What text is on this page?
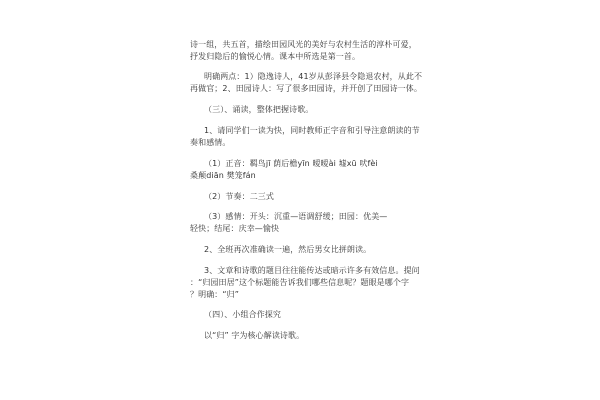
诗一组，共五首，描绘田园风光的美好与农村生活的淳朴可爱，
抒发归隐后的愉悦心情。课本中所选是第一首。
明确两点：1）隐逸诗人，41岁从彭泽县令隐退农村，从此不
再做官；2、田园诗人：写了很多田园诗，并开创了田园诗一体。
（三）、诵读，整体把握诗歌。
1、请同学们一读为快，同时教师正字音和引导注意朗读的节
奏和感情。
（1）正音：羁鸟jī 荫后檐yīn 暧暧ài 墟xū 吠fèi
桑颠diān 樊笼fán
（2）节奏：二三式
（3）感情：开头：沉重—语调舒缓；田园：优美—
轻快；结尾：庆幸—愉快
2、全班再次准确读一遍，然后男女比拼朗读。
3、文章和诗歌的题目往往能传达或暗示许多有效信息。提问
：“归园田居”这个标题能告诉我们哪些信息呢？题眼是哪个字
？明确：“归”
（四）、小组合作探究
以“归” 字为核心解读诗歌。
